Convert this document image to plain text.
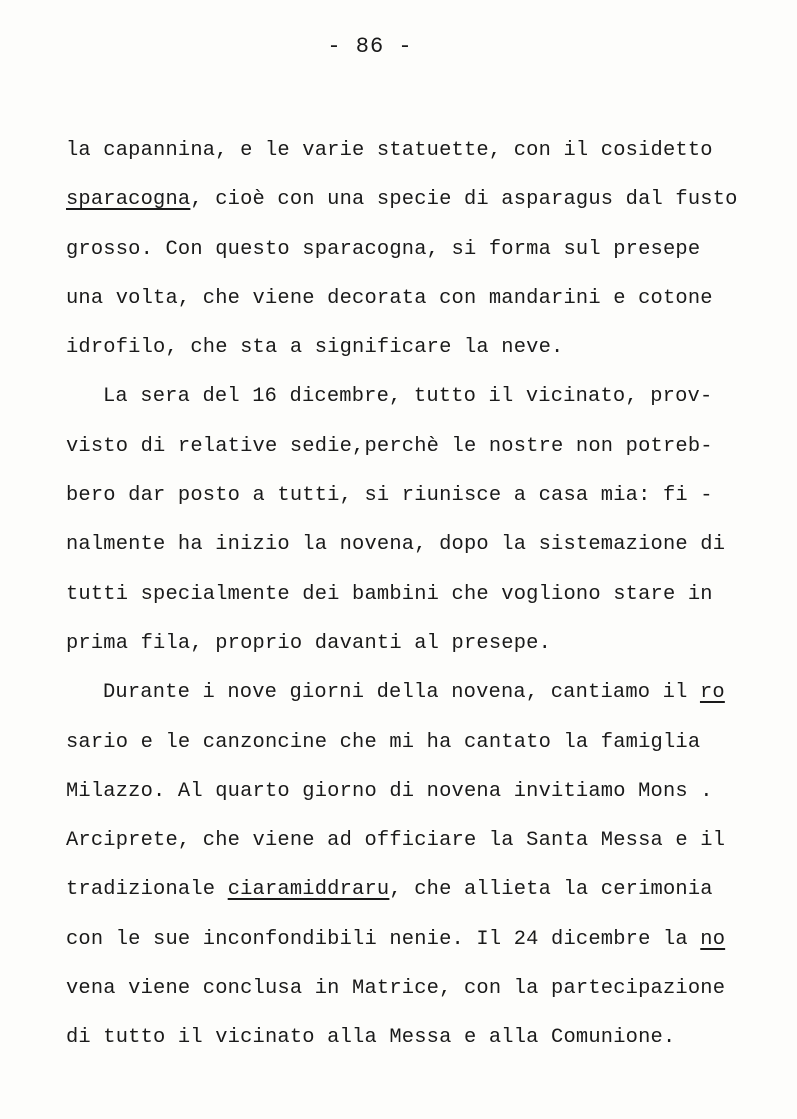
- 86 -
la capannina, e le varie statuette, con il cosidetto
sparacogna, cioè con una specie di asparagus dal fusto
grosso. Con questo sparacogna, si forma sul presepe
una volta, che viene decorata con mandarini e cotone
idrofilo, che sta a significare la neve.
La sera del 16 dicembre, tutto il vicinato, prov-
visto di relative sedie,perchè le nostre non potreb-
bero dar posto a tutti, si riunisce a casa mia: fi -
nalmente ha inizio la novena, dopo la sistemazione di
tutti specialmente dei bambini che vogliono stare in
prima fila, proprio davanti al presepe.
Durante i nove giorni della novena, cantiamo il ro
sario e le canzoncine che mi ha cantato la famiglia
Milazzo. Al quarto giorno di novena invitiamo Mons .
Arciprete, che viene ad officiare la Santa Messa e il
tradizionale ciaramiddraru, che allieta la cerimonia
con le sue inconfondibili nenie. Il 24 dicembre la no
vena viene conclusa in Matrice, con la partecipazione
di tutto il vicinato alla Messa e alla Comunione.
